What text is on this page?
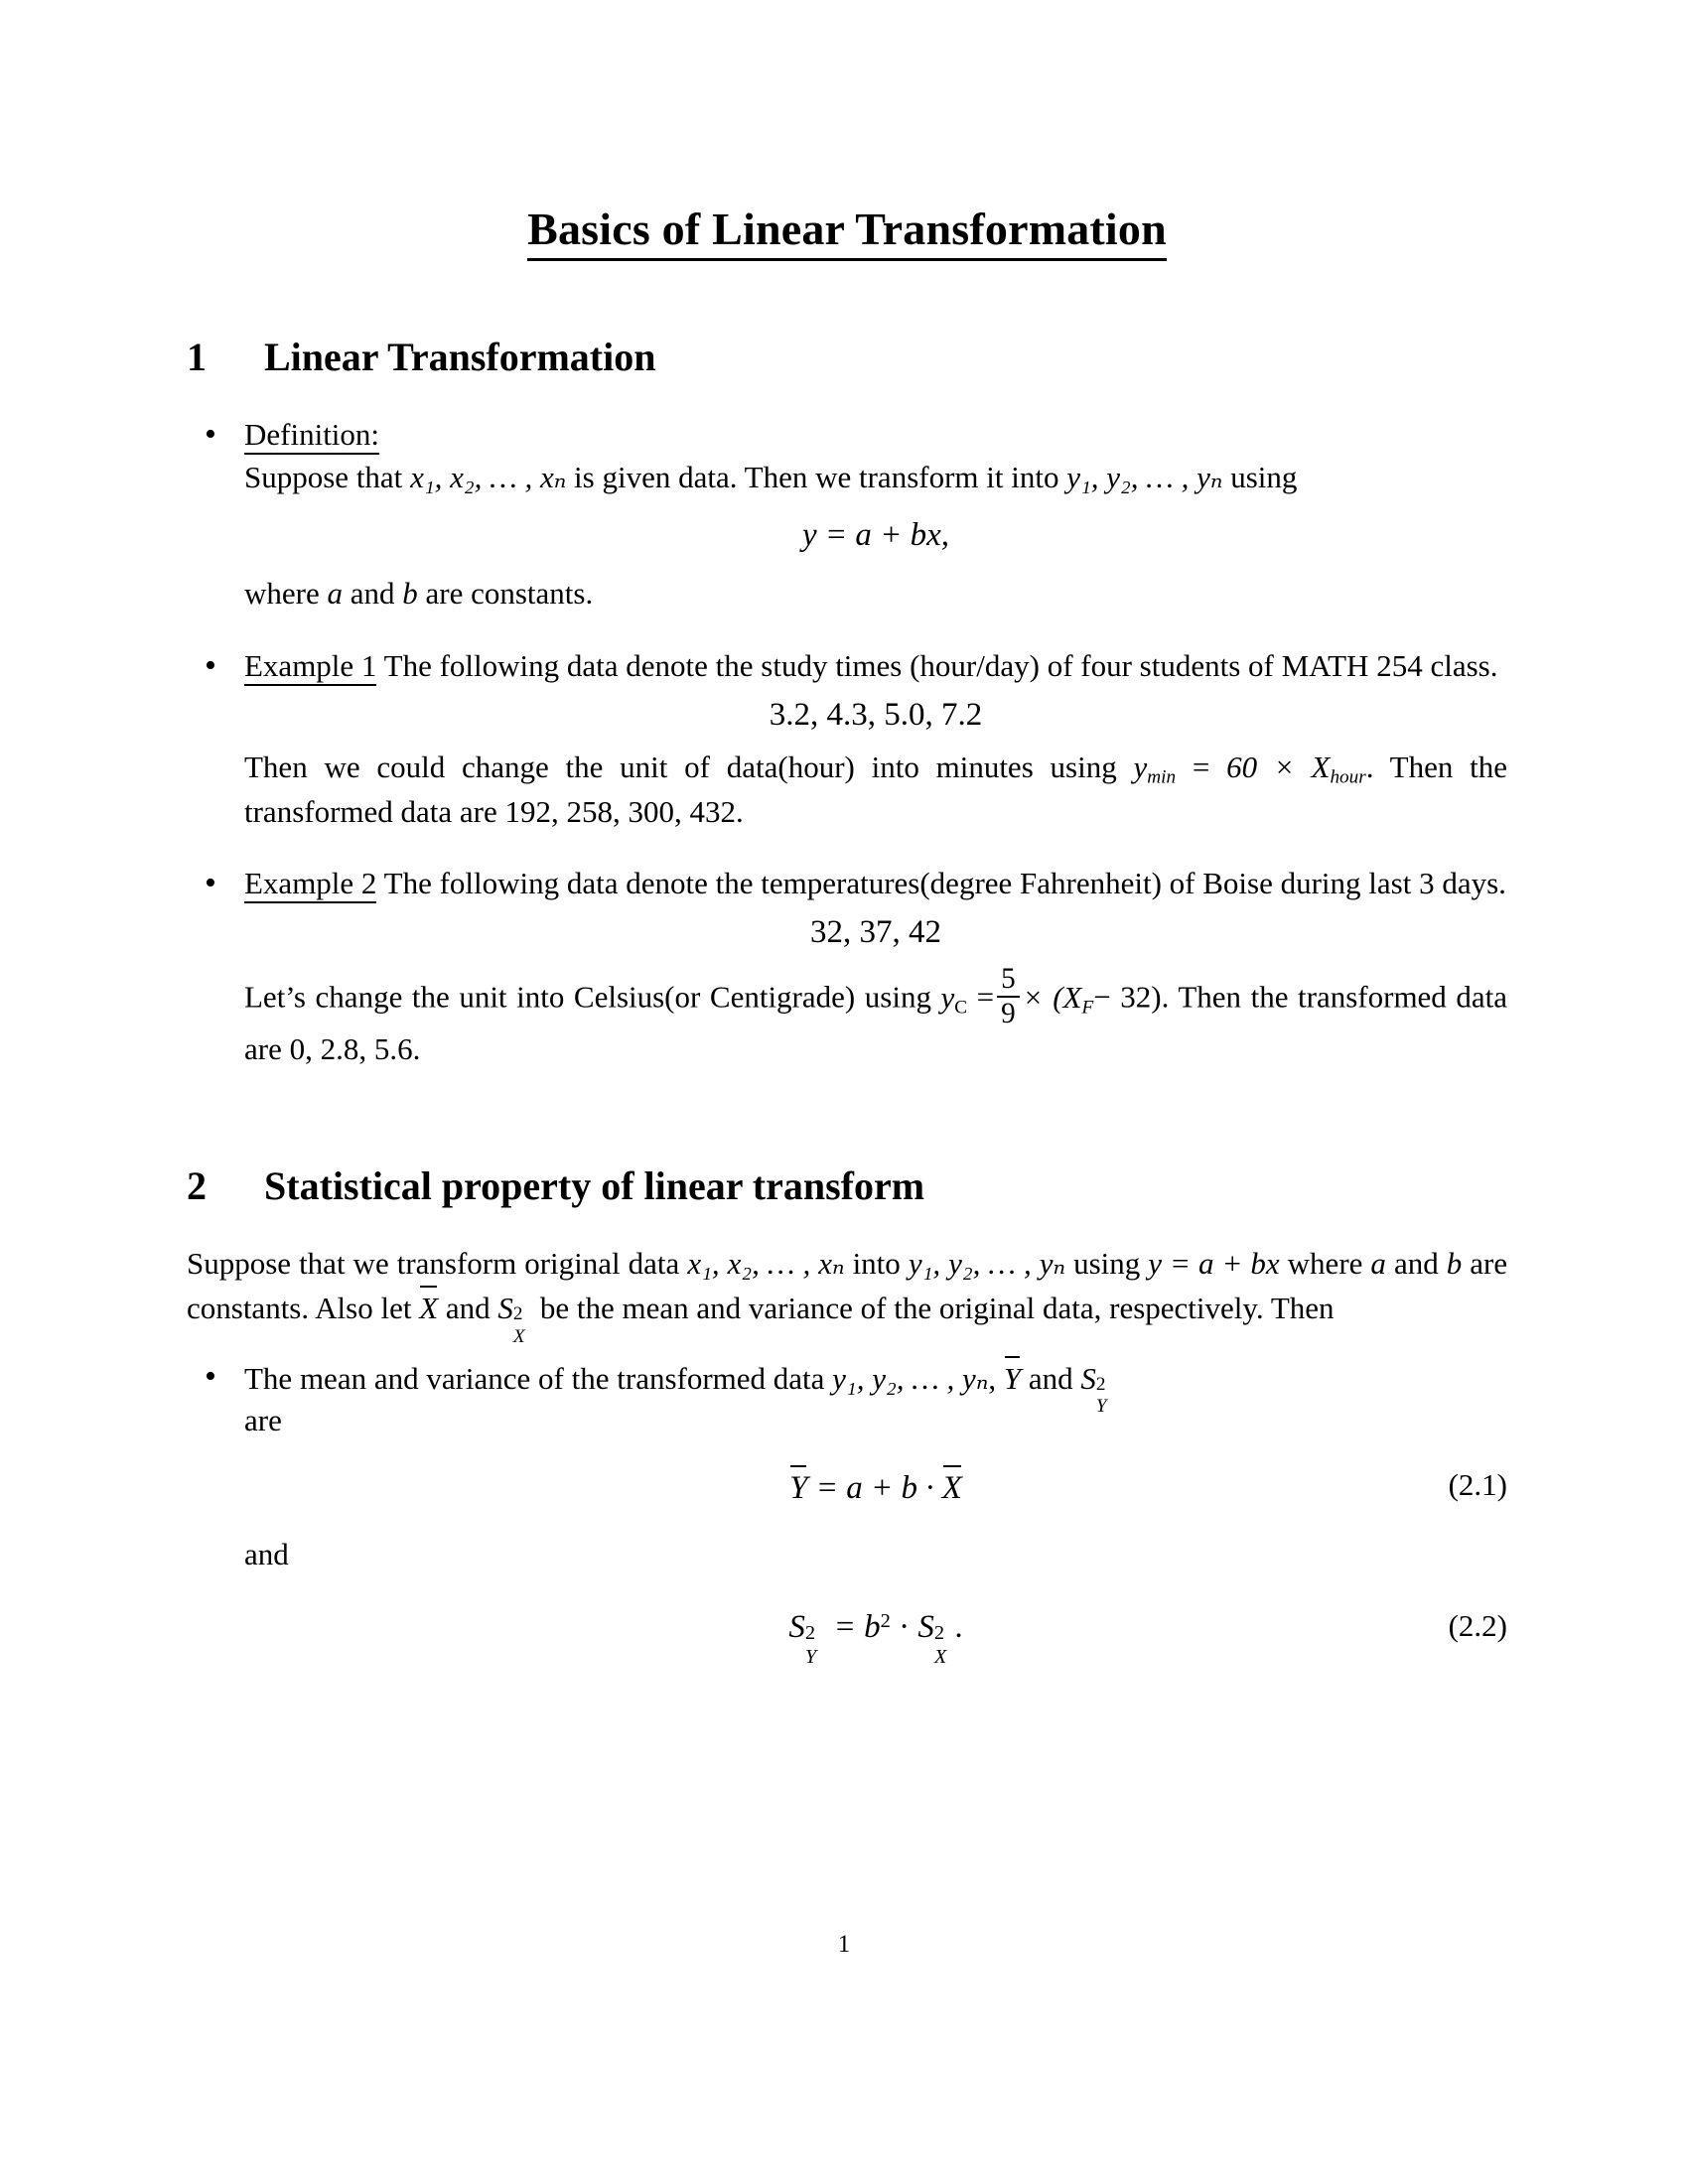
Basics of Linear Transformation
1	Linear Transformation
• Definition:
Suppose that x₁, x₂, … , xₙ is given data. Then we transform it into y₁, y₂, … , yₙ using
y = a + bx,
where a and b are constants.
• Example 1 The following data denote the study times (hour/day) of four students of MATH 254 class.
3.2, 4.3, 5.0, 7.2
Then we could change the unit of data(hour) into minutes using $y_{min} = 60 \times X_{hour}$. Then the transformed data are 192, 258, 300, 432.
• Example 2 The following data denote the temperatures(degree Fahrenheit) of Boise during last 3 days.
32, 37, 42
Let’s change the unit into Celsius(or Centigrade) using $y_C = \frac{5}{9} \times (X_F- 32)$. Then the transformed data are 0, 2.8, 5.6.
2	Statistical property of linear transform

Suppose that we transform original data x₁, x₂, … , xₙ into y₁, y₂, … , yₙ using y = a + bx where a and b are constants. Also let X and S 2
X
be the mean and variance of the original data, respectively. Then

• The mean and variance of the transformed data y₁, y₂, … , yₙ, Y and S 2
Y

are
Y = a + b · X	(2.1)
and
S 2
Y
= $b^2 \cdot S$ 2
X
.	(2.2)
1
